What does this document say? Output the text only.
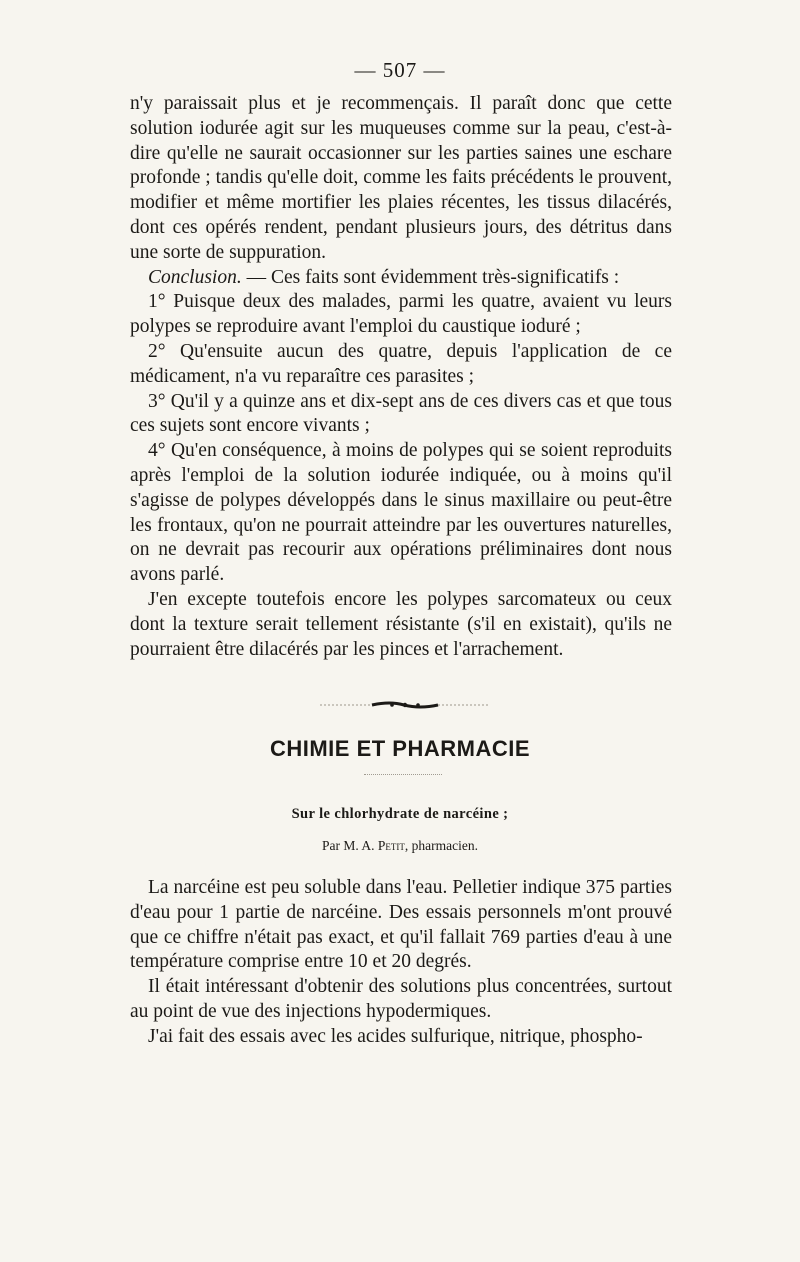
— 507 —

n'y paraissait plus et je recommençais. Il paraît donc que cette solution iodurée agit sur les muqueuses comme sur la peau, c'est-à-dire qu'elle ne saurait occasionner sur les parties saines une eschare profonde ; tandis qu'elle doit, comme les faits précédents le prouvent, modifier et même mortifier les plaies récentes, les tissus dilacérés, dont ces opérés rendent, pendant plusieurs jours, des détritus dans une sorte de suppuration.

Conclusion. — Ces faits sont évidemment très-significatifs :

1° Puisque deux des malades, parmi les quatre, avaient vu leurs polypes se reproduire avant l'emploi du caustique ioduré ;

2° Qu'ensuite aucun des quatre, depuis l'application de ce médicament, n'a vu reparaître ces parasites ;

3° Qu'il y a quinze ans et dix-sept ans de ces divers cas et que tous ces sujets sont encore vivants ;

4° Qu'en conséquence, à moins de polypes qui se soient reproduits après l'emploi de la solution iodurée indiquée, ou à moins qu'il s'agisse de polypes développés dans le sinus maxillaire ou peut-être les frontaux, qu'on ne pourrait atteindre par les ouvertures naturelles, on ne devrait pas recourir aux opérations préliminaires dont nous avons parlé.

J'en excepte toutefois encore les polypes sarcomateux ou ceux dont la texture serait tellement résistante (s'il en existait), qu'ils ne pourraient être dilacérés par les pinces et l'arrachement.

CHIMIE ET PHARMACIE
Sur le chlorhydrate de narcéine ;
Par M. A. Petit, pharmacien.

La narcéine est peu soluble dans l'eau. Pelletier indique 375 parties d'eau pour 1 partie de narcéine. Des essais personnels m'ont prouvé que ce chiffre n'était pas exact, et qu'il fallait 769 parties d'eau à une température comprise entre 10 et 20 degrés.

Il était intéressant d'obtenir des solutions plus concentrées, surtout au point de vue des injections hypodermiques.

J'ai fait des essais avec les acides sulfurique, nitrique, phospho-
